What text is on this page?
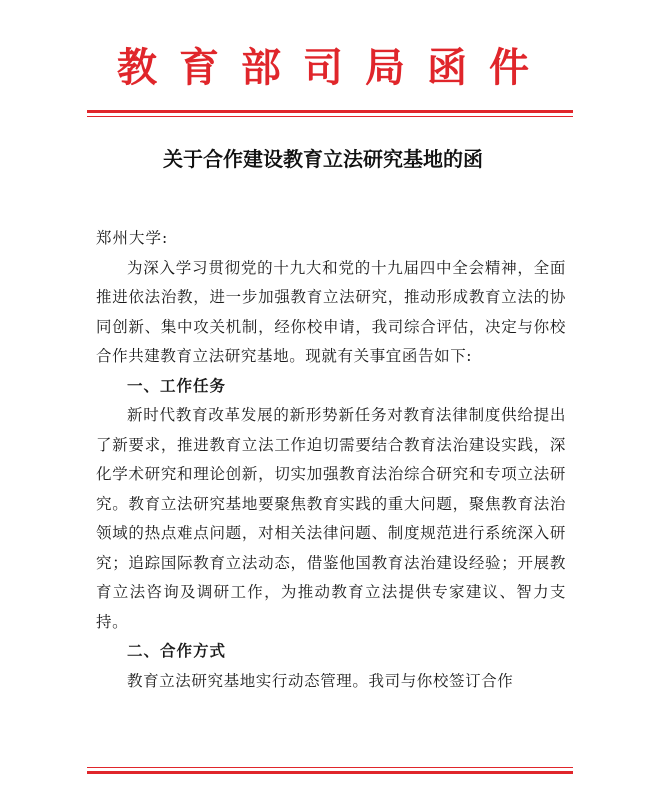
教育部司局函件
关于合作建设教育立法研究基地的函

郑州大学:

为深入学习贯彻党的十九大和党的十九届四中全会精神，全面推进依法治教，进一步加强教育立法研究，推动形成教育立法的协同创新、集中攻关机制，经你校申请，我司综合评估，决定与你校合作共建教育立法研究基地。现就有关事宜函告如下:

一、工作任务

新时代教育改革发展的新形势新任务对教育法律制度供给提出了新要求，推进教育立法工作迫切需要结合教育法治建设实践，深化学术研究和理论创新，切实加强教育法治综合研究和专项立法研究。教育立法研究基地要聚焦教育实践的重大问题，聚焦教育法治领域的热点难点问题，对相关法律问题、制度规范进行系统深入研究；追踪国际教育立法动态，借鉴他国教育法治建设经验；开展教育立法咨询及调研工作，为推动教育立法提供专家建议、智力支持。

二、合作方式

教育立法研究基地实行动态管理。我司与你校签订合作
